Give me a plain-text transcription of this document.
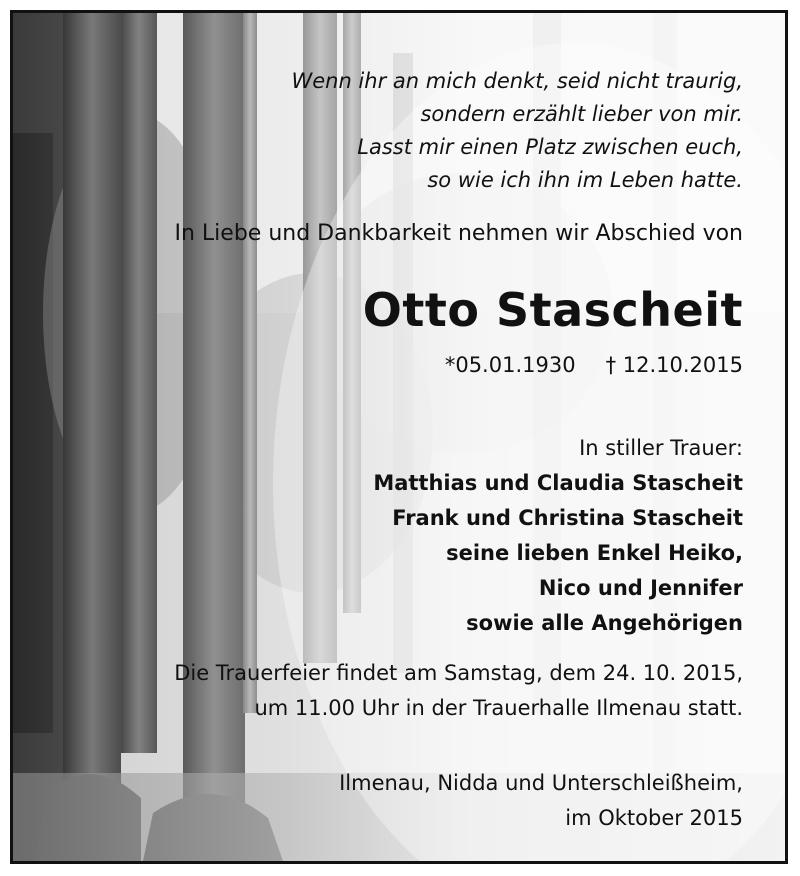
Wenn ihr an mich denkt, seid nicht traurig,
sondern erzählt lieber von mir.
Lasst mir einen Platz zwischen euch,
so wie ich ihn im Leben hatte.
In Liebe und Dankbarkeit nehmen wir Abschied von
Otto Stascheit
*05.01.1930 † 12.10.2015
In stiller Trauer:
Matthias und Claudia Stascheit
Frank und Christina Stascheit
seine lieben Enkel Heiko,
Nico und Jennifer
sowie alle Angehörigen
Die Trauerfeier findet am Samstag, dem 24. 10. 2015,
um 11.00 Uhr in der Trauerhalle Ilmenau statt.
Ilmenau, Nidda und Unterschleißheim,
im Oktober 2015
